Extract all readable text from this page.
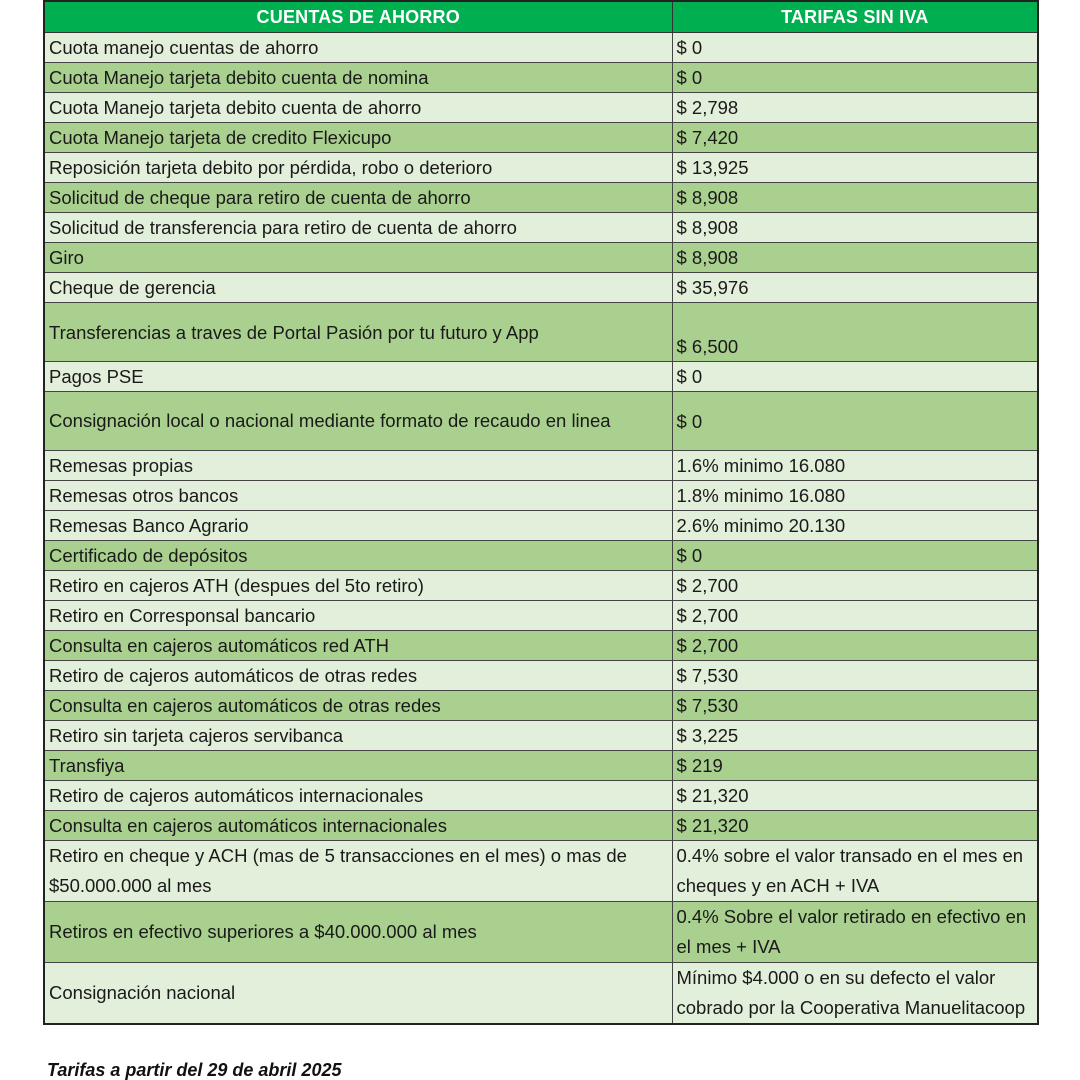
CUENTAS DE AHORRO	TARIFAS SIN IVA
Cuota manejo cuentas de ahorro	$ 0
Cuota Manejo tarjeta debito cuenta de nomina	$ 0
Cuota Manejo tarjeta debito cuenta de ahorro	$ 2,798
Cuota Manejo tarjeta de credito Flexicupo	$ 7,420
Reposición tarjeta debito por pérdida, robo o deterioro	$ 13,925
Solicitud de cheque para retiro de cuenta de ahorro	$ 8,908
Solicitud de transferencia para retiro de cuenta de ahorro	$ 8,908
Giro	$ 8,908
Cheque de gerencia	$ 35,976
Transferencias a traves de Portal Pasión por tu futuro y App	$ 6,500
Pagos PSE	$ 0
Consignación local o nacional mediante formato de recaudo en linea	$ 0
Remesas propias	1.6% minimo 16.080
Remesas otros bancos	1.8% minimo 16.080
Remesas Banco Agrario	2.6% minimo 20.130
Certificado de depósitos	$ 0
Retiro en cajeros ATH (despues del 5to retiro)	$ 2,700
Retiro en Corresponsal bancario	$ 2,700
Consulta en cajeros automáticos red ATH	$ 2,700
Retiro de cajeros automáticos de otras redes	$ 7,530
Consulta en cajeros automáticos de otras redes	$ 7,530
Retiro sin tarjeta cajeros servibanca	$ 3,225
Transfiya	$ 219
Retiro de cajeros automáticos internacionales	$ 21,320
Consulta en cajeros automáticos internacionales	$ 21,320
Retiro en cheque y ACH (mas de 5 transacciones en el mes) o mas de $50.000.000 al mes	0.4% sobre el valor transado en el mes en cheques y en ACH + IVA
Retiros en efectivo superiores a $40.000.000 al mes	0.4% Sobre el valor retirado en efectivo en el mes + IVA
Consignación nacional	Mínimo $4.000 o en su defecto el valor cobrado por la Cooperativa Manuelitacoop
Tarifas a partir del 29 de abril 2025
